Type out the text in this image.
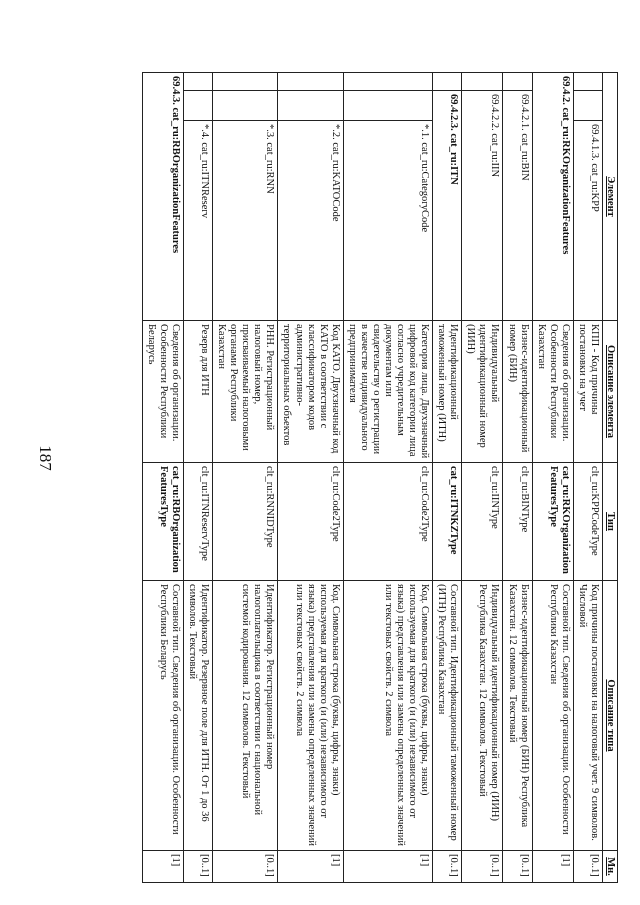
187
Элемент			Описание элемента	Тип	Описание типа	Мн.
		69.4.1.3. cat_ru:KPP	КПП - Код причины постановки на учет	clt_ru:KPPCodeType	Код причины постановки на налоговый учет. 9 символов. Числовой	[0..1]
69.4.2. cat_ru:RKOrganizationFeatures			Сведения об организации. Особенности Республики Казахстан	cat_ru:RKOrganizationFeaturesType	Составной тип. Сведения об организации. Особенности Республики Казахстан	[1]
	69.4.2.1. cat_ru:BIN		Бизнес-идентификационный номер (БИН)	clt_ru:BINType	Бизнес-идентификационный номер (БИН) Республика Казахстан. 12 символов. Текстовый	[0..1]
	69.4.2.2. cat_ru:IIN		Индивидуальный идентификационный номер (ИИН)	clt_ru:IINType	Индивидуальный идентификационный номер (ИИН) Республика Казахстан. 12 символов. Текстовый	[0..1]
	69.4.2.3. cat_ru:ITN		Идентификационный таможенный номер (ИТН)	cat_ru:ITNKZType	Составной тип. Идентификационный таможенный номер (ИТН) Республика Казахстан	[0..1]
		*.1. cat_ru:CategoryCode	Категория лица. Двухзначный цифровой код категории лица согласно учредительным документам или свидетельству о регистрации в качестве индивидуального предпринимателя	clt_ru:Code2Type	Код. Символьная строка (буквы, цифры, знаки) используемая для краткого (и (или) независимого от языка) представления или замены определенных значений или текстовых свойств. 2 символа	[1]
		*.2. cat_ru:KATOCode	Код КАТО. Двухзначный код КАТО в соответствии с классификатором кодов административно-территориальных объектов	clt_ru:Code2Type	Код. Символьная строка (буквы, цифры, знаки) используемая для краткого (и (или) независимого от языка) представления или замены определенных значений или текстовых свойств. 2 символа	[1]
		*.3. cat_ru:RNN	РНН. Регистрационный налоговый номер, присваиваемый налоговыми органами Республики Казахстан	clt_ru:RNNIDType	Идентификатор. Регистрационный номер налогоплательщика в соответствии с национальной системой кодирования. 12 символов. Текстовый	[0..1]
		*.4. cat_ru:ITNReserv	Резерв для ИТН	clt_ru:ITNReservType	Идентификатор. Резервное поле для ИТН. От 1 до 36 символов. Текстовый	[0..1]
69.4.3. cat_ru:RBOrganizationFeatures			Сведения об организации. Особенности Республики Беларусь	cat_ru:RBOrganizationFeaturesType	Составной тип. Сведения об организации. Особенности Республики Беларусь	[1]
